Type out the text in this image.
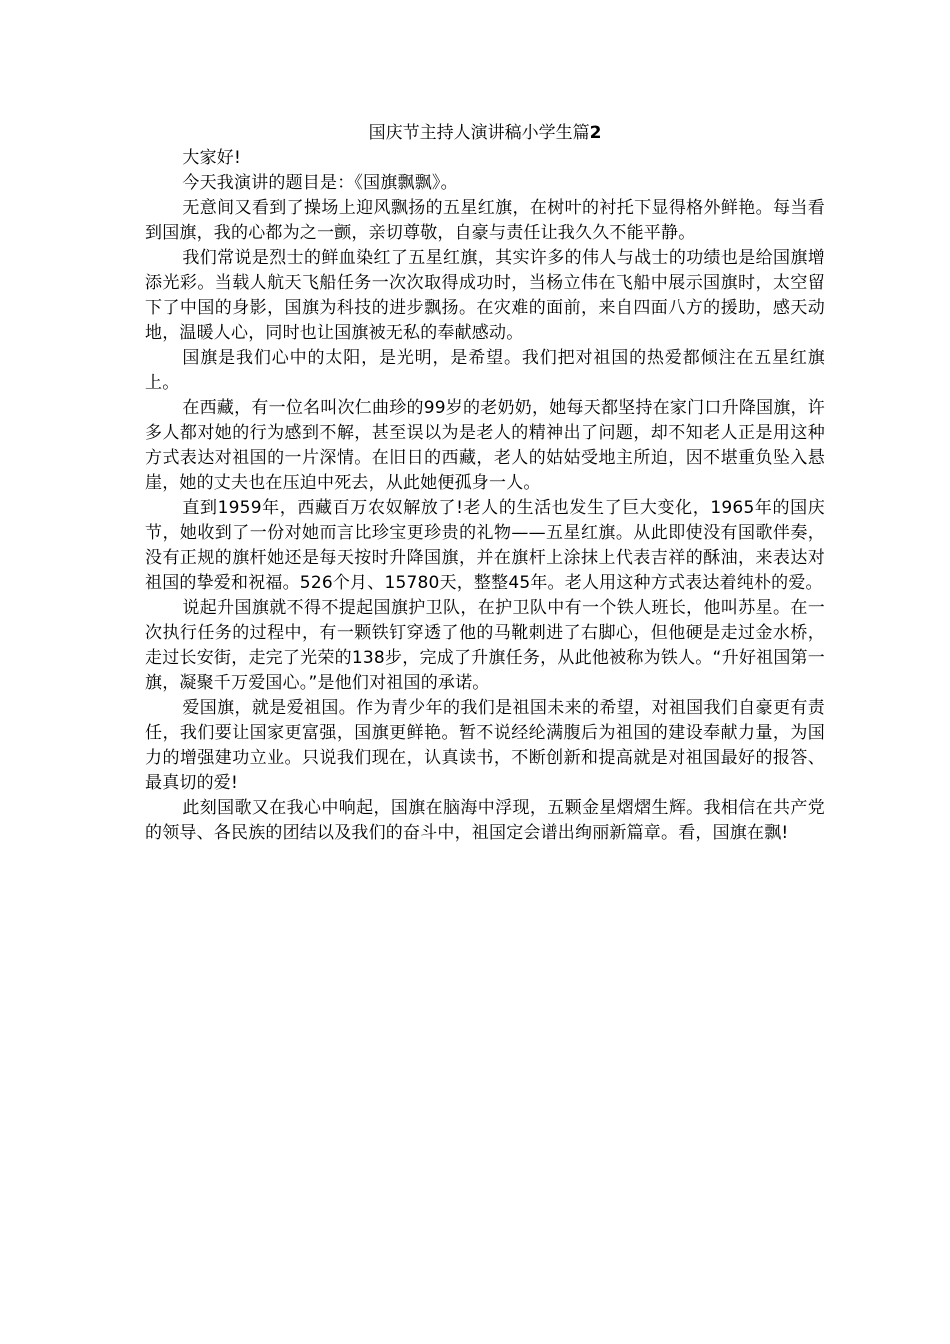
国庆节主持人演讲稿小学生篇2

大家好!

今天我演讲的题目是：《国旗飘飘》。

无意间又看到了操场上迎风飘扬的五星红旗，在树叶的衬托下显得格外鲜艳。每当看到国旗，我的心都为之一颤，亲切尊敬，自豪与责任让我久久不能平静。

我们常说是烈士的鲜血染红了五星红旗，其实许多的伟人与战士的功绩也是给国旗增添光彩。当载人航天飞船任务一次次取得成功时，当杨立伟在飞船中展示国旗时，太空留下了中国的身影，国旗为科技的进步飘扬。在灾难的面前，来自四面八方的援助，感天动地，温暖人心，同时也让国旗被无私的奉献感动。

国旗是我们心中的太阳，是光明，是希望。我们把对祖国的热爱都倾注在五星红旗上。

在西藏，有一位名叫次仁曲珍的99岁的老奶奶，她每天都坚持在家门口升降国旗，许多人都对她的行为感到不解，甚至误以为是老人的精神出了问题，却不知老人正是用这种方式表达对祖国的一片深情。在旧日的西藏，老人的姑姑受地主所迫，因不堪重负坠入悬崖，她的丈夫也在压迫中死去，从此她便孤身一人。

直到1959年，西藏百万农奴解放了!老人的生活也发生了巨大变化，1965年的国庆节，她收到了一份对她而言比珍宝更珍贵的礼物——五星红旗。从此即使没有国歌伴奏，没有正规的旗杆她还是每天按时升降国旗，并在旗杆上涂抹上代表吉祥的酥油，来表达对祖国的挚爱和祝福。526个月、15780天，整整45年。老人用这种方式表达着纯朴的爱。

说起升国旗就不得不提起国旗护卫队，在护卫队中有一个铁人班长，他叫苏星。在一次执行任务的过程中，有一颗铁钉穿透了他的马靴刺进了右脚心，但他硬是走过金水桥，走过长安街，走完了光荣的138步，完成了升旗任务，从此他被称为铁人。“升好祖国第一旗，凝聚千万爱国心。”是他们对祖国的承诺。

爱国旗，就是爱祖国。作为青少年的我们是祖国未来的希望，对祖国我们自豪更有责任，我们要让国家更富强，国旗更鲜艳。暂不说经纶满腹后为祖国的建设奉献力量，为国力的增强建功立业。只说我们现在，认真读书，不断创新和提高就是对祖国最好的报答、最真切的爱!

此刻国歌又在我心中响起，国旗在脑海中浮现，五颗金星熠熠生辉。我相信在共产党的领导、各民族的团结以及我们的奋斗中，祖国定会谱出绚丽新篇章。看，国旗在飘!
